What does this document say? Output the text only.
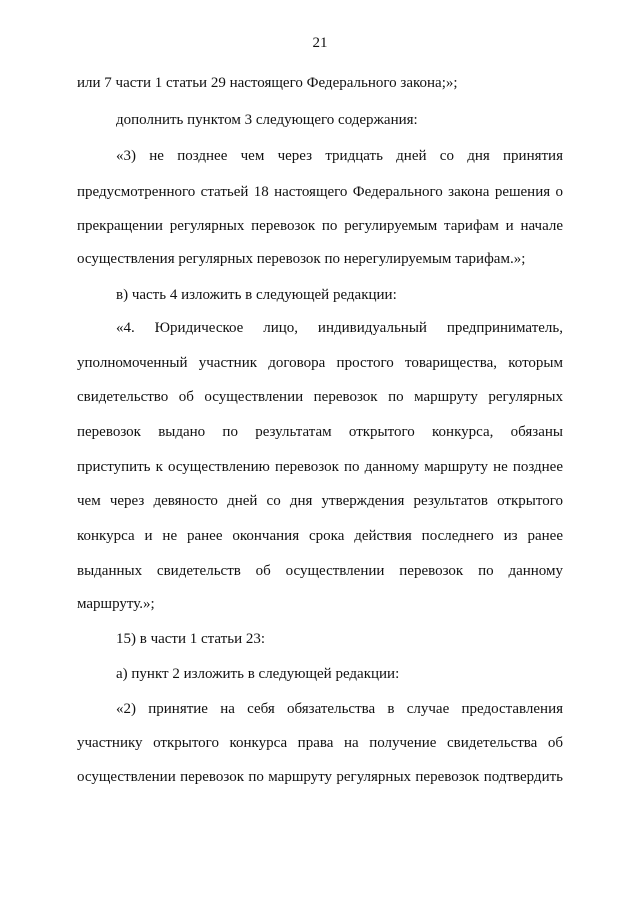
21
или 7 части 1 статьи 29 настоящего Федерального закона;»;
дополнить пунктом 3 следующего содержания:
«3) не позднее чем через тридцать дней со дня принятия
предусмотренного статьей 18 настоящего Федерального закона решения о
прекращении регулярных перевозок по регулируемым тарифам и начале
осуществления регулярных перевозок по нерегулируемым тарифам.»;
в) часть 4 изложить в следующей редакции:
«4. Юридическое лицо, индивидуальный предприниматель,
уполномоченный участник договора простого товарищества, которым
свидетельство об осуществлении перевозок по маршруту регулярных
перевозок выдано по результатам открытого конкурса, обязаны
приступить к осуществлению перевозок по данному маршруту не позднее
чем через девяносто дней со дня утверждения результатов открытого
конкурса и не ранее окончания срока действия последнего из ранее
выданных свидетельств об осуществлении перевозок по данному
маршруту.»;
15) в части 1 статьи 23:
а) пункт 2 изложить в следующей редакции:
«2) принятие на себя обязательства в случае предоставления
участнику открытого конкурса права на получение свидетельства об
осуществлении перевозок по маршруту регулярных перевозок подтвердить
